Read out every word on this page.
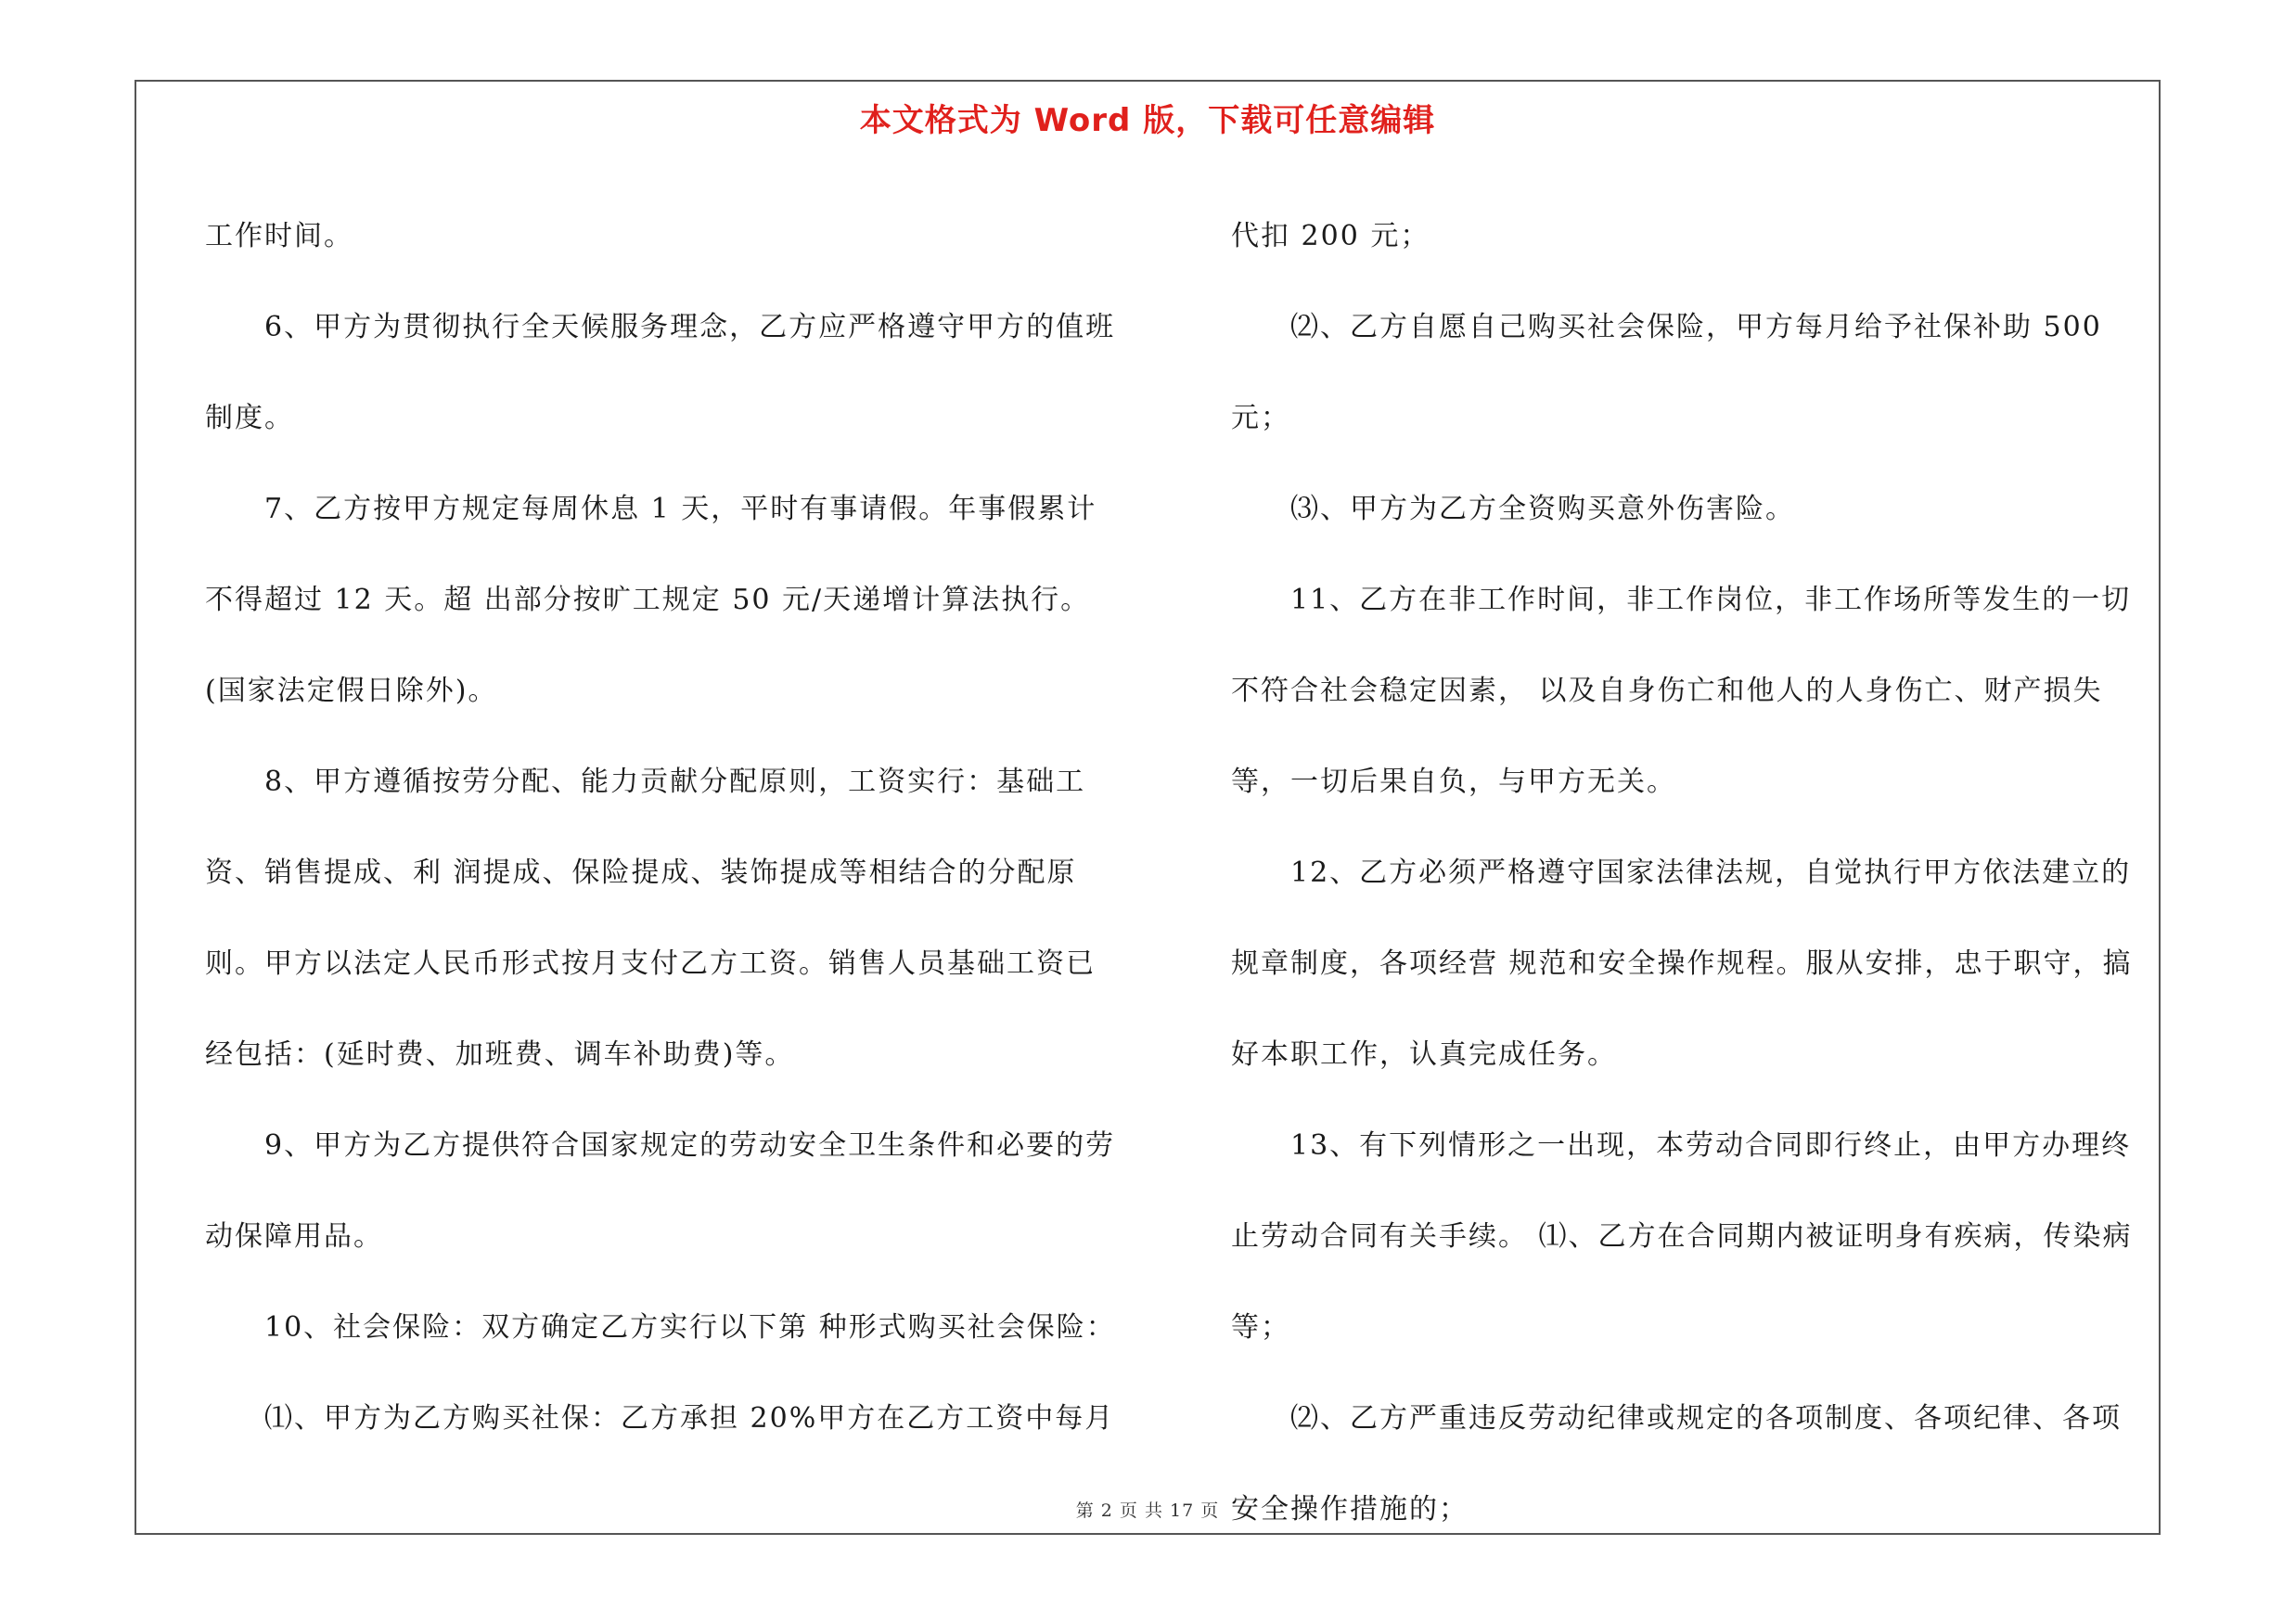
本文格式为 Word 版，下载可任意编辑

工作时间。

6、甲方为贯彻执行全天候服务理念，乙方应严格遵守甲方的值班制度。

7、乙方按甲方规定每周休息 1 天，平时有事请假。年事假累计不得超过 12 天。超 出部分按旷工规定 50 元/天递增计算法执行。(国家法定假日除外)。

8、甲方遵循按劳分配、能力贡献分配原则，工资实行：基础工资、销售提成、利 润提成、保险提成、装饰提成等相结合的分配原则。甲方以法定人民币形式按月支付乙方工资。销售人员基础工资已经包括：(延时费、加班费、调车补助费)等。

9、甲方为乙方提供符合国家规定的劳动安全卫生条件和必要的劳动保障用品。

10、社会保险：双方确定乙方实行以下第 种形式购买社会保险：

⑴、甲方为乙方购买社保：乙方承担 20%甲方在乙方工资中每月

代扣 200 元；

⑵、乙方自愿自己购买社会保险，甲方每月给予社保补助 500 元；

⑶、甲方为乙方全资购买意外伤害险。

11、乙方在非工作时间，非工作岗位，非工作场所等发生的一切不符合社会稳定因素， 以及自身伤亡和他人的人身伤亡、财产损失等，一切后果自负，与甲方无关。

12、乙方必须严格遵守国家法律法规，自觉执行甲方依法建立的规章制度，各项经营 规范和安全操作规程。服从安排，忠于职守，搞好本职工作，认真完成任务。

13、有下列情形之一出现，本劳动合同即行终止，由甲方办理终止劳动合同有关手续。 ⑴、乙方在合同期内被证明身有疾病，传染病等；

⑵、乙方严重违反劳动纪律或规定的各项制度、各项纪律、各项安全操作措施的；

第 2 页 共 17 页
